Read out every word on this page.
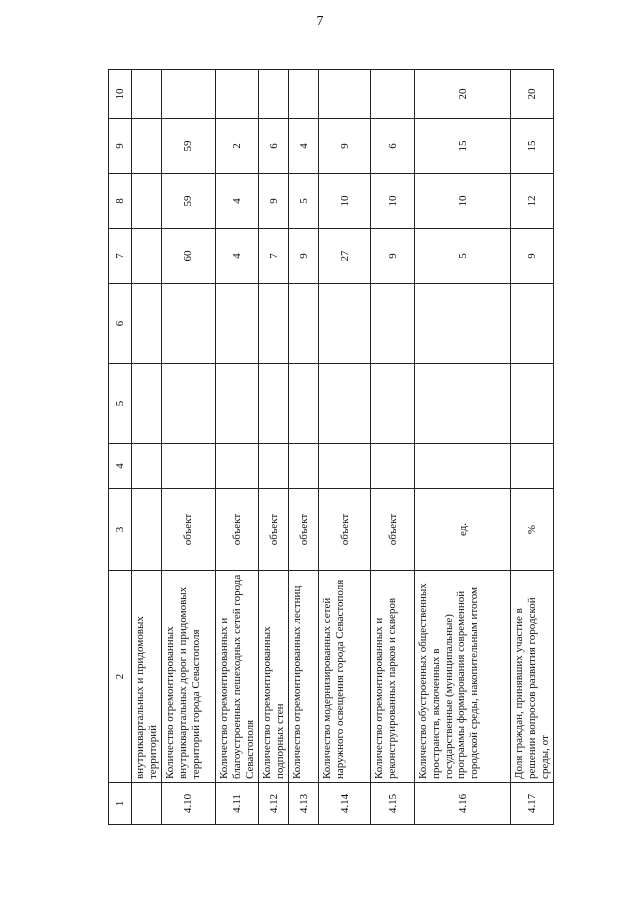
7
1	2	3	4	5	6	7	8	9	10
	внутриквартальных и придомовых территорий								
4.10	Количество отремонтированных внутриквартальных дорог и придомовых территорий города Севастополя	объект				60	59	59	
4.11	Количество отремонтированных и благоустроенных пешеходных сетей города Севастополя	объект				4	4	2	
4.12	Количество отремонтированных подпорных стен	объект				7	9	6	
4.13	Количество отремонтированных лестниц	объект				9	5	4	
4.14	Количество модернизированных сетей наружного освещения города Севастополя	объект				27	10	9	
4.15	Количество отремонтированных и реконструированных парков и скверов	объект				9	10	6	
4.16	Количество обустроенных общественных пространств, включенных в государственные (муниципальные) программы формирования современной городской среды, накопительным итогом	ед.				5	10	15	20
4.17	Доля граждан, принявших участие в решении вопросов развития городской среды, от	%				9	12	15	20
